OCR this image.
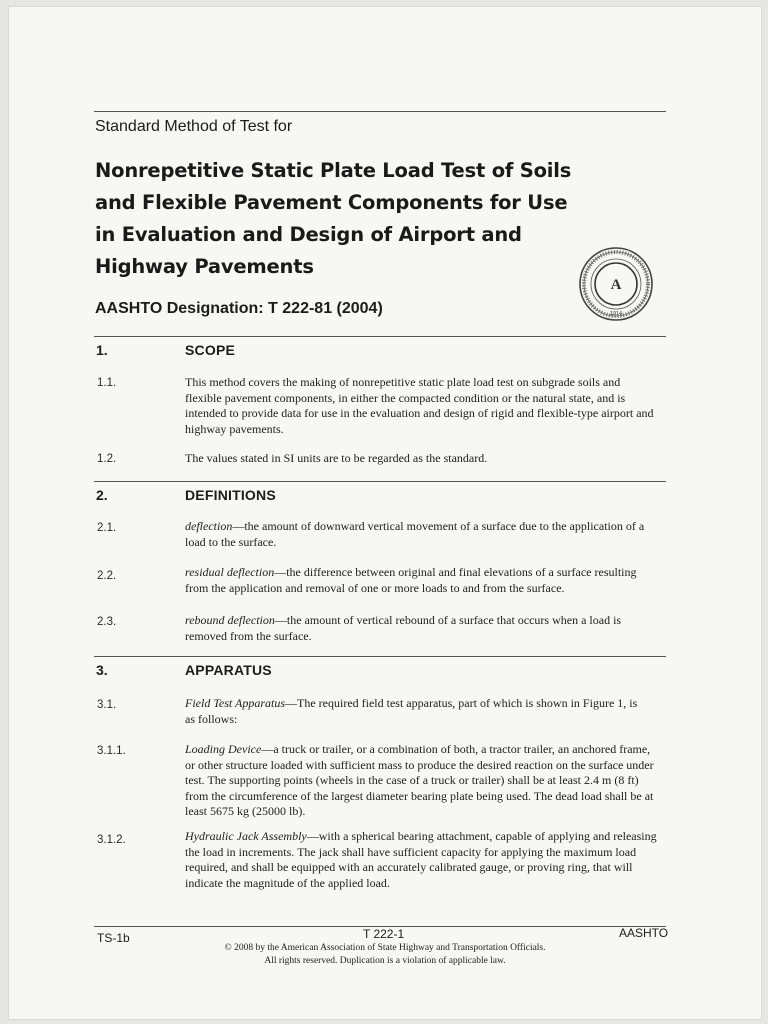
Standard Method of Test for
Nonrepetitive Static Plate Load Test of Soils
and Flexible Pavement Components for Use
in Evaluation and Design of Airport and
Highway Pavements
AASHTO Designation: T 222-81 (2004)
A
1914
1.	SCOPE
1.1.	This method covers the making of nonrepetitive static plate load test on subgrade soils and
flexible pavement components, in either the compacted condition or the natural state, and is
intended to provide data for use in the evaluation and design of rigid and flexible-type airport and
highway pavements.
1.2.	The values stated in SI units are to be regarded as the standard.
2.	DEFINITIONS
2.1.	deflection—the amount of downward vertical movement of a surface due to the application of a
load to the surface.
2.2.	residual deflection—the difference between original and final elevations of a surface resulting
from the application and removal of one or more loads to and from the surface.
2.3.	rebound deflection—the amount of vertical rebound of a surface that occurs when a load is
removed from the surface.
3.	APPARATUS
3.1.	Field Test Apparatus—The required field test apparatus, part of which is shown in Figure 1, is
as follows:
3.1.1.	Loading Device—a truck or trailer, or a combination of both, a tractor trailer, an anchored frame,
or other structure loaded with sufficient mass to produce the desired reaction on the surface under
test. The supporting points (wheels in the case of a truck or trailer) shall be at least 2.4 m (8 ft)
from the circumference of the largest diameter bearing plate being used. The dead load shall be at
least 5675 kg (25000 lb).
3.1.2.	Hydraulic Jack Assembly—with a spherical bearing attachment, capable of applying and releasing
the load in increments. The jack shall have sufficient capacity for applying the maximum load
required, and shall be equipped with an accurately calibrated gauge, or proving ring, that will
indicate the magnitude of the applied load.
TS-1b	T 222-1	AASHTO
© 2008 by the American Association of State Highway and Transportation Officials.
All rights reserved. Duplication is a violation of applicable law.
